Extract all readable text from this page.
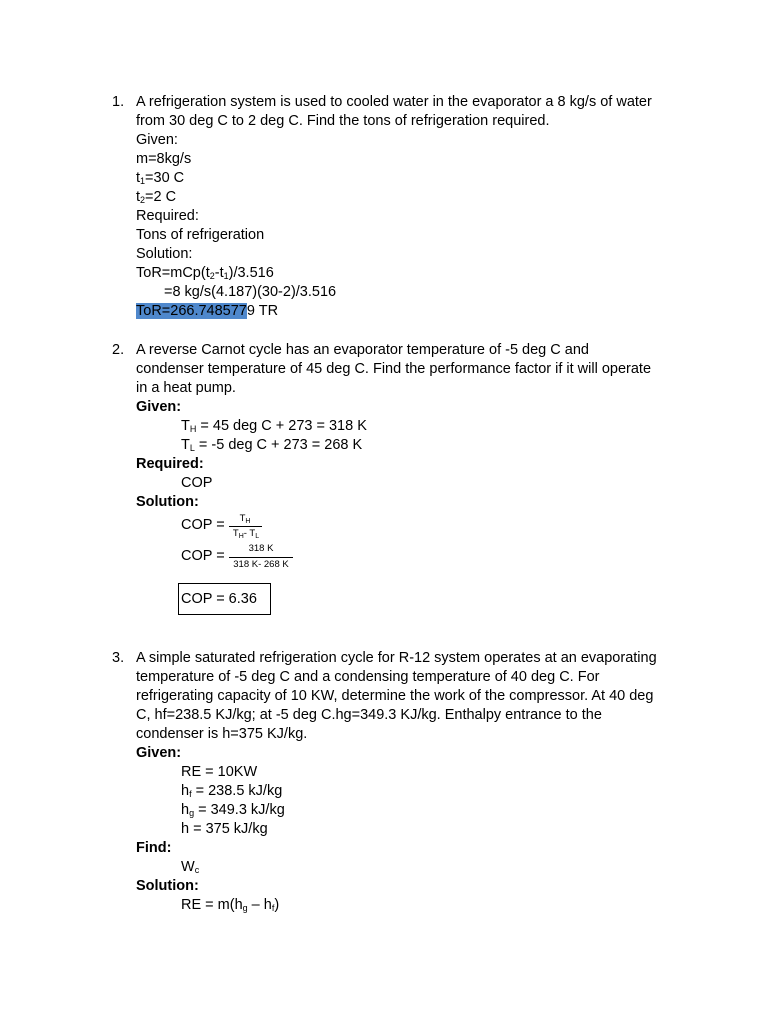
1. A refrigeration system is used to cooled water in the evaporator a 8 kg/s of water
from 30 deg C to 2 deg C. Find the tons of refrigeration required.
Given:
m=8kg/s
$t_1=30$ C
$t_2=2$ C
Required:
Tons of refrigeration
Solution:
$ToR=mCp(t_2-t_1)/3.516$
=8 kg/s(4.187)(30-2)/3.516
ToR=266.7485779 TR
2. A reverse Carnot cycle has an evaporator temperature of -5 deg C and
condenser temperature of 45 deg C. Find the performance factor if it will operate
in a heat pump.
Given:
$T_H = 45$ deg C + 273 = 318 K
$T_L = -5$ deg C + 273 = 268 K
Required:
COP
Solution:
COP =	$T_H$
$T_H-$ $T_L$
COP =	318 K
318 K- 268 K
COP = 6.36
3. A simple saturated refrigeration cycle for R-12 system operates at an evaporating
temperature of -5 deg C and a condensing temperature of 40 deg C. For
refrigerating capacity of 10 KW, determine the work of the compressor. At 40 deg
C, hf=238.5 KJ/kg; at -5 deg C.hg=349.3 KJ/kg. Enthalpy entrance to the
condenser is h=375 KJ/kg.
Given:
RE = 10KW
$h_f = 238.5$ kJ/kg
$h_g = 349.3$ kJ/kg
h = 375 kJ/kg
Find:
$W_c$
Solution:
RE = $m(h_g - h_f)$
